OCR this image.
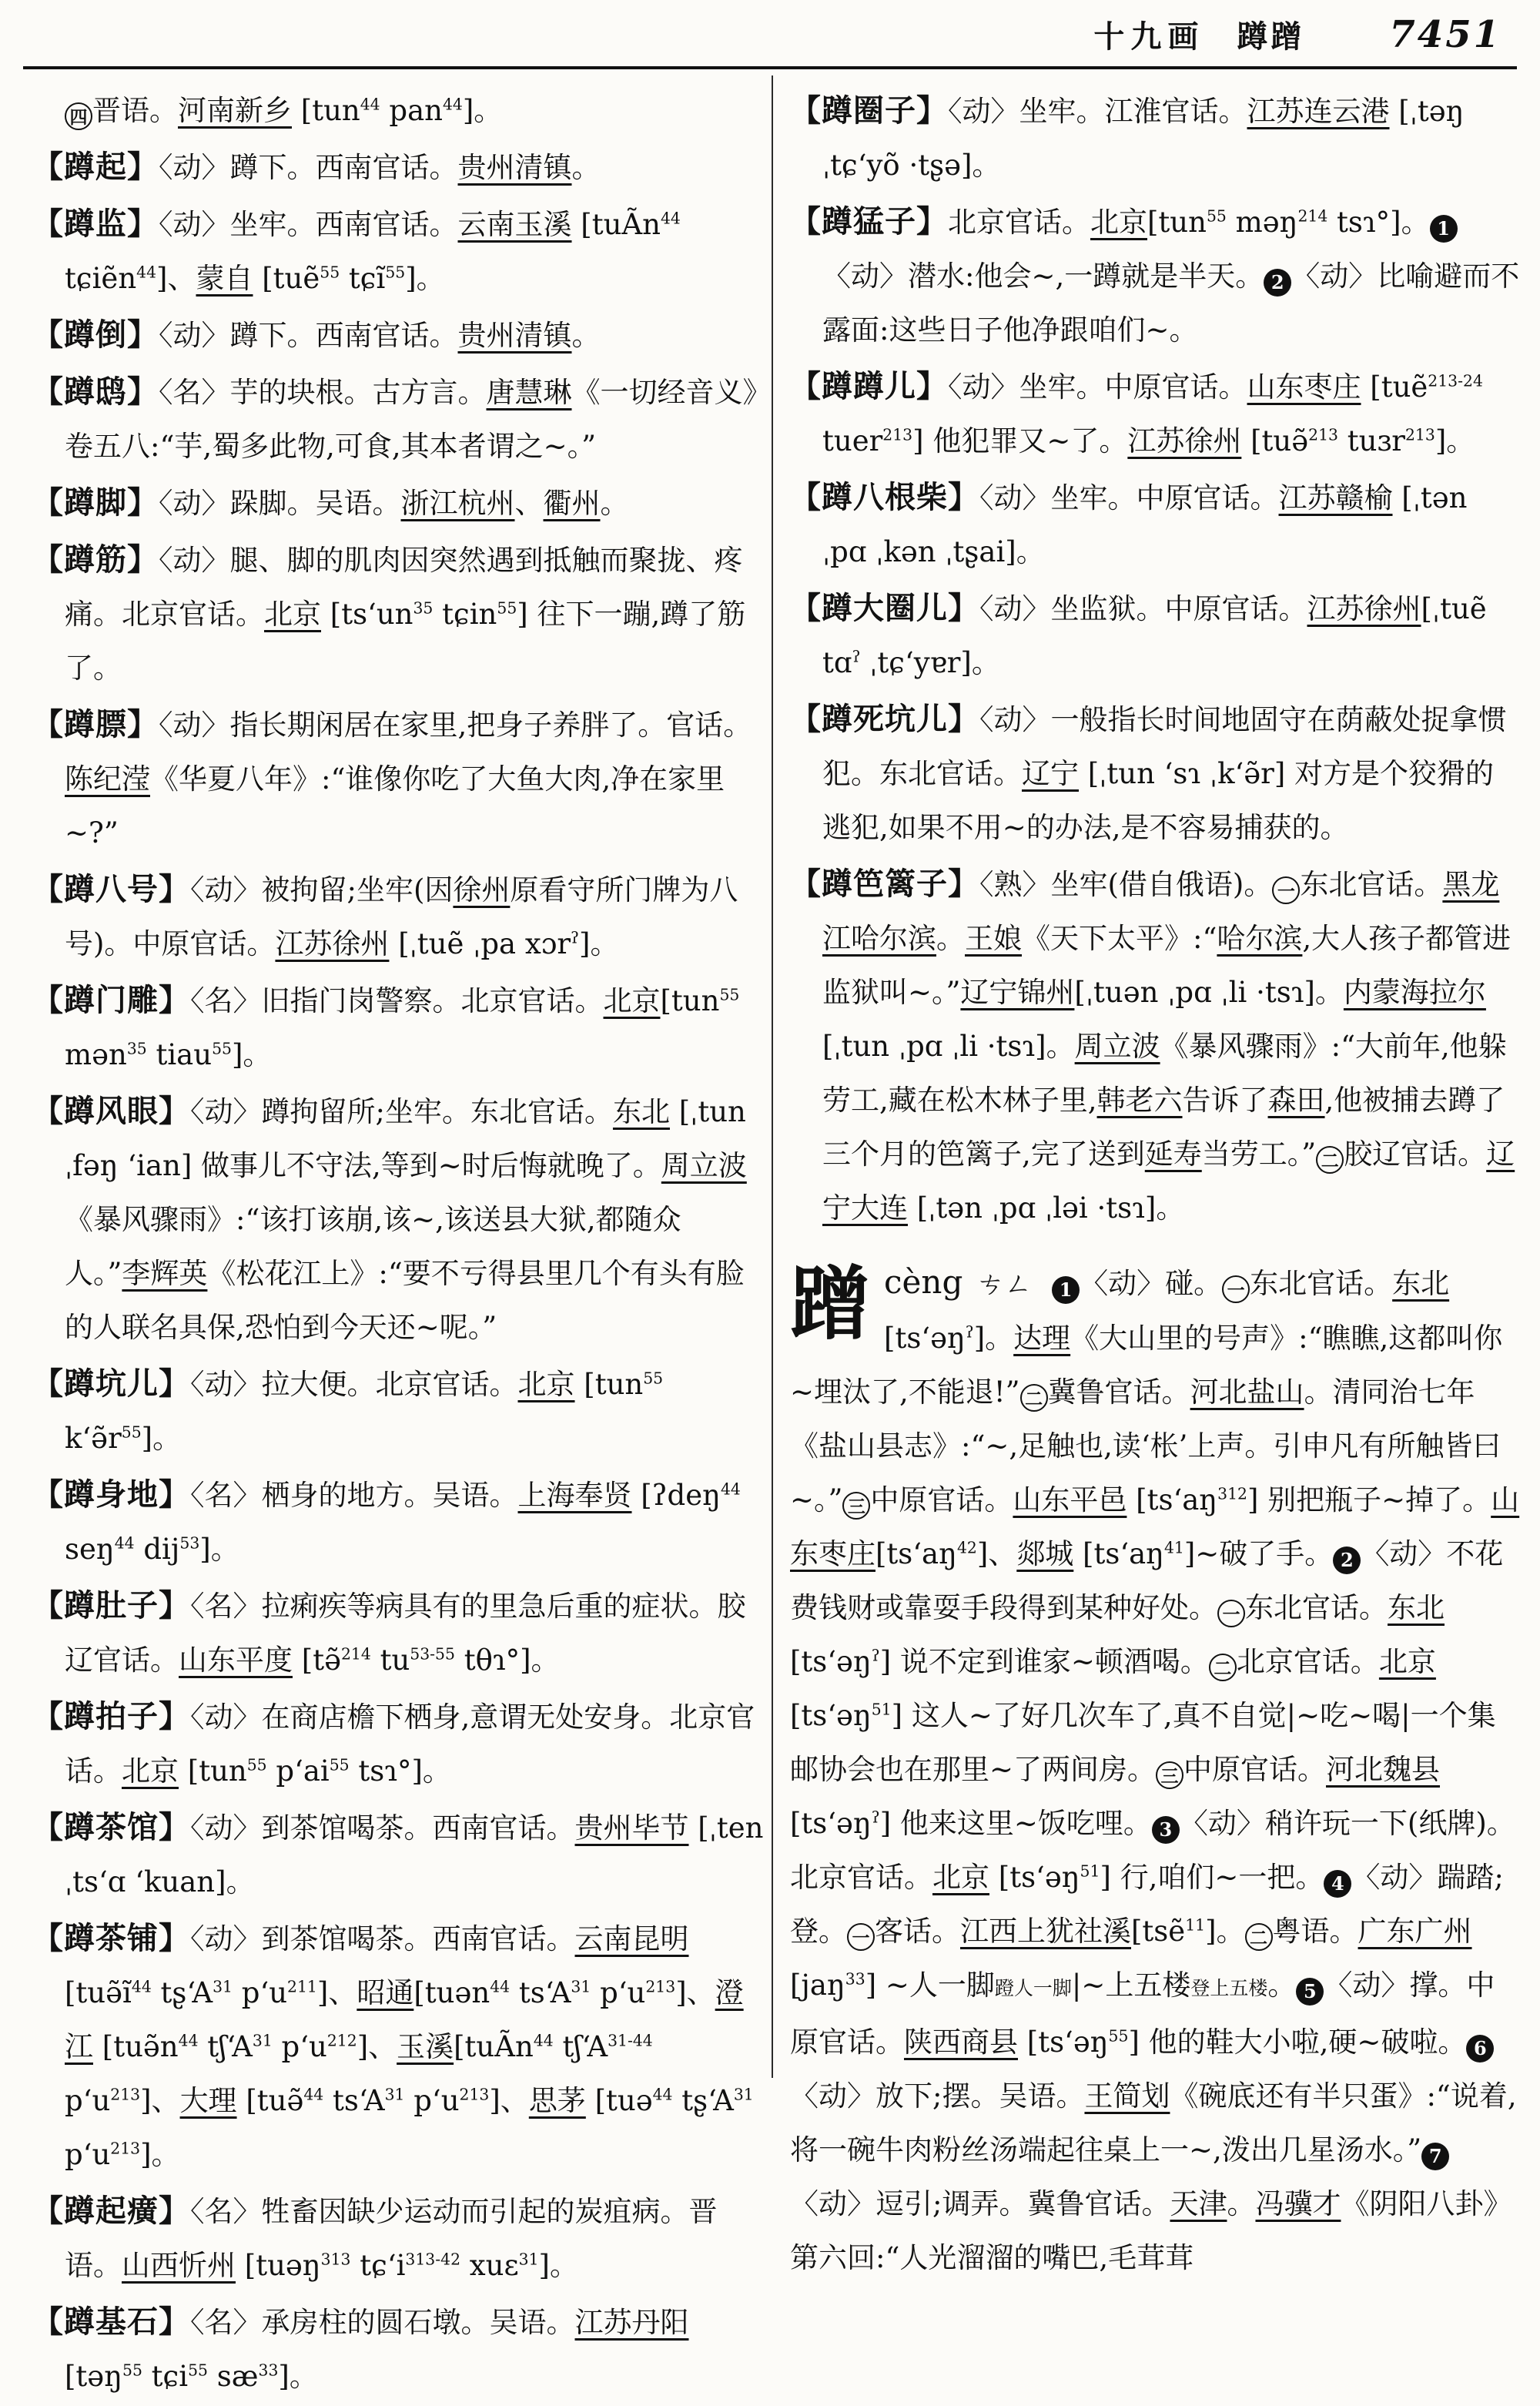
十九画 蹲蹭 7451
四 晋语。河南新乡 [tun$^{44}$ pan$^{44}$]。
【蹲起】〈动〉蹲下。西南官话。贵州清镇。
【蹲监】〈动〉坐牢。西南官话。云南玉溪 [tuÃn$^{44}$ tɕiẽn$^{44}$]、蒙自 [tuẽ$^{55}$ tɕĩ$^{55}$]。
【蹲倒】〈动〉蹲下。西南官话。贵州清镇。
【蹲鸱】〈名〉芋的块根。古方言。唐慧琳《一切经音义》卷五八:“芋,蜀多此物,可食,其本者谓之~。”
【蹲脚】〈动〉跺脚。吴语。浙江杭州、衢州。
【蹲筋】〈动〉腿、脚的肌肉因突然遇到抵触而聚拢、疼痛。北京官话。北京 [tsʻun$^{35}$ tɕin$^{55}$] 往下一蹦,蹲了筋了。
【蹲膘】〈动〉指长期闲居在家里,把身子养胖了。官话。陈纪滢《华夏八年》:“谁像你吃了大鱼大肉,净在家里~?”
【蹲八号】〈动〉被拘留;坐牢(因徐州原看守所门牌为八号)。中原官话。江苏徐州 [ˌtuẽ ˌpa xɔr$^ʔ$]。
【蹲门雕】〈名〉旧指门岗警察。北京官话。北京[tun$^{55}$ mən$^{35}$ tiau$^{55}$]。
【蹲风眼】〈动〉蹲拘留所;坐牢。东北官话。东北 [ˌtun ˌfəŋ ʻian] 做事儿不守法,等到~时后悔就晚了。周立波《暴风骤雨》:“该打该崩,该~,该送县大狱,都随众人。”李辉英《松花江上》:“要不亏得县里几个有头有脸的人联名具保,恐怕到今天还~呢。”
【蹲坑儿】〈动〉拉大便。北京官话。北京 [tun$^{55}$ $kʻə̃r^{55}$]。
【蹲身地】〈名〉栖身的地方。吴语。上海奉贤 [ʔdeŋ$^{44}$ seŋ$^{44}$ dij$^{53}$]。
【蹲肚子】〈名〉拉痢疾等病具有的里急后重的症状。胶辽官话。山东平度 [tə̃$^{214}$ $tu^{53-55}$ tθɿ°]。
【蹲拍子】〈动〉在商店檐下栖身,意谓无处安身。北京官话。北京 [tun$^{55}$ pʻai$^{55}$ tsɿ°]。
【蹲茶馆】〈动〉到茶馆喝茶。西南官话。贵州毕节 [ˌten ˌtsʻɑ ʻkuan]。
【蹲茶铺】〈动〉到茶馆喝茶。西南官话。云南昆明 [$tuə̃ĩ^{44}$ tʂʻA$^{31}$ pʻu$^{211}$]、昭通[tuən$^{44}$ tsʻA$^{31}$ pʻu$^{213}$]、澄江 [$tuə̃n^{44}$ tʃʻA$^{31}$ pʻu$^{212}$]、玉溪[tuÃn$^{44}$ tʃʻA$^{31-44}$ pʻu$^{213}$]、大理 [tuə̃$^{44}$ tsʻA$^{31}$ pʻu$^{213}$]、思茅 [tuə$^{44}$ tʂʻA$^{31}$ pʻu$^{213}$]。
【蹲起癀】〈名〉牲畜因缺少运动而引起的炭疽病。晋语。山西忻州 [tuəŋ$^{313}$ tɕʻi$^{313-42}$ xuɛ$^{31}$]。
【蹲基石】〈名〉承房柱的圆石墩。吴语。江苏丹阳 [təŋ$^{55}$ tɕi$^{55}$ $sæ^{33}$]。
【蹲圈子】〈动〉坐牢。江淮官话。江苏连云港 [ˌtəŋ ˌtɕʻyõ ·tʂə]。
【蹲猛子】北京官话。北京[tun$^{55}$ məŋ$^{214}$ tsɿ°]。 1〈动〉潜水:他会~,一蹲就是半天。 2 〈动〉比喻避而不露面:这些日子他净跟咱们~。
【蹲蹲儿】〈动〉坐牢。中原官话。山东枣庄 [tuẽ$^{213-24}$ tuer$^{213}$] 他犯罪又~了。江苏徐州 [tuə̃$^{213}$ tuɜr$^{213}$]。
【蹲八根柴】〈动〉坐牢。中原官话。江苏赣榆 [ˌtən ˌpɑ ˌkən ˌtʂai]。
【蹲大圈儿】〈动〉坐监狱。中原官话。江苏徐州[ˌtuẽ tɑ$^ʔ$ ˌtɕʻyɐr]。
【蹲死坑儿】〈动〉一般指长时间地固守在荫蔽处捉拿惯犯。东北官话。辽宁 [ˌtun ʻsɿ ˌkʻə̃r] 对方是个狡猾的逃犯,如果不用~的办法,是不容易捕获的。
【蹲笆篱子】〈熟〉坐牢(借自俄语)。 一 东北官话。黑龙江哈尔滨。王娘《天下太平》:“哈尔滨,大人孩子都管进监狱叫~。”辽宁锦州[ˌtuən ˌpɑ ˌli ·tsɿ]。内蒙海拉尔[ˌtun ˌpɑ ˌli ·tsɿ]。周立波《暴风骤雨》:“大前年,他躲劳工,藏在松木林子里,韩老六告诉了森田,他被捕去蹲了三个月的笆篱子,完了送到延寿当劳工。” 二 胶辽官话。辽宁大连 [ˌtən ˌpɑ ˌləi ·tsɿ]。
蹭cèng ㄘㄥ 1 〈动〉碰。 一 东北官话。东北[tsʻəŋ$^ʔ$]。达理《大山里的号声》:“瞧瞧,这都叫你~埋汰了,不能退!” 二 冀鲁官话。河北盐山。清同治七年《盐山县志》:“~,足触也,读‘枨’上声。引申凡有所触皆曰~。” 三 中原官话。山东平邑 [tsʻaŋ$^{312}$] 别把瓶子~掉了。山东枣庄[tsʻaŋ$^{42}$]、郯城 [tsʻaŋ$^{41}$]~破了手。 2 〈动〉不花费钱财或靠耍手段得到某种好处。 一 东北官话。东北 [tsʻəŋ$^ʔ$] 说不定到谁家~顿酒喝。 二 北京官话。北京 [tsʻəŋ$^{51}$] 这人~了好几次车了,真不自觉|~吃~喝|一个集邮协会也在那里~了两间房。 三 中原官话。河北魏县 [tsʻəŋ$^ʔ$] 他来这里~饭吃哩。 3 〈动〉稍许玩一下(纸牌)。北京官话。北京 [tsʻəŋ$^{51}$] 行,咱们~一把。 4 〈动〉踹踏;登。 一 客话。江西上犹社溪[tsẽ$^{11}$]。 二 粤语。广东广州 [jaŋ$^{33}$] ~人一脚蹬人一脚|~上五楼登上五楼。 5 〈动〉撑。中原官话。陕西商县 [tsʻəŋ$^{55}$] 他的鞋大小啦,硬~破啦。 6〈动〉放下;摆。吴语。王简划《碗底还有半只蛋》:“说着,将一碗牛肉粉丝汤端起往桌上一~,泼出几星汤水。” 7〈动〉逗引;调弄。冀鲁官话。天津。冯骥才《阴阳八卦》第六回:“人光溜溜的嘴巴,毛茸茸
